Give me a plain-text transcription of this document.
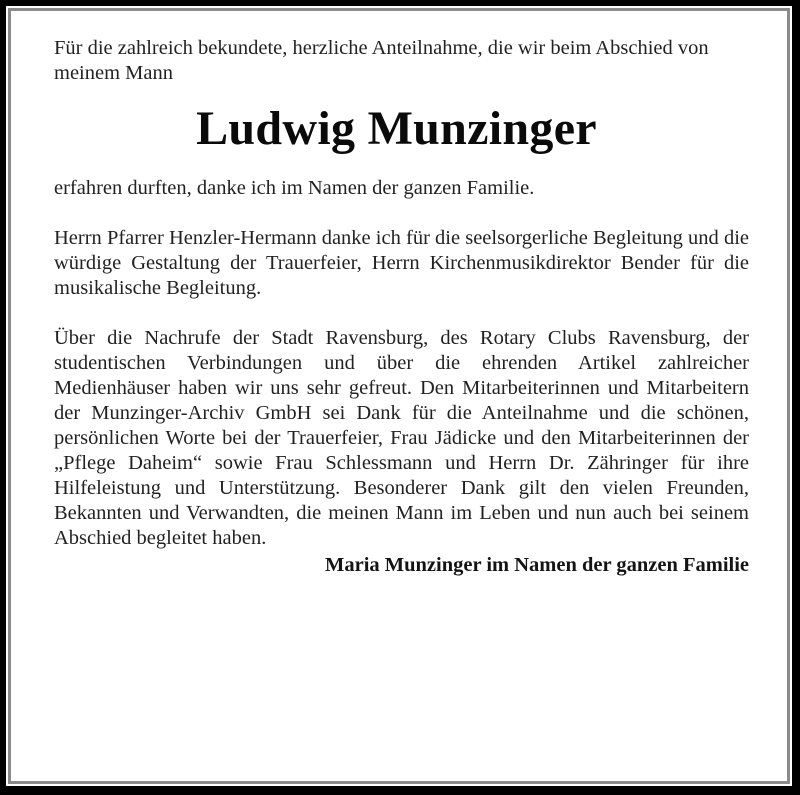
Für die zahlreich bekundete, herzliche Anteilnahme, die wir beim Abschied von meinem Mann

Ludwig Munzinger

erfahren durften, danke ich im Namen der ganzen Familie.

Herrn Pfarrer Henzler-Hermann danke ich für die seelsorgerliche Begleitung und die würdige Gestaltung der Trauerfeier, Herrn Kirchenmusikdirektor Bender für die musikalische Begleitung.

Über die Nachrufe der Stadt Ravensburg, des Rotary Clubs Ravensburg, der studentischen Verbindungen und über die ehrenden Artikel zahlreicher Medienhäuser haben wir uns sehr gefreut. Den Mitarbeiterinnen und Mitarbeitern der Munzinger-Archiv GmbH sei Dank für die Anteilnahme und die schönen, persönlichen Worte bei der Trauerfeier, Frau Jädicke und den Mitarbeiterinnen der „Pflege Daheim“ sowie Frau Schlessmann und Herrn Dr. Zähringer für ihre Hilfeleistung und Unterstützung. Besonderer Dank gilt den vielen Freunden, Bekannten und Verwandten, die meinen Mann im Leben und nun auch bei seinem Abschied begleitet haben.

Maria Munzinger im Namen der ganzen Familie
